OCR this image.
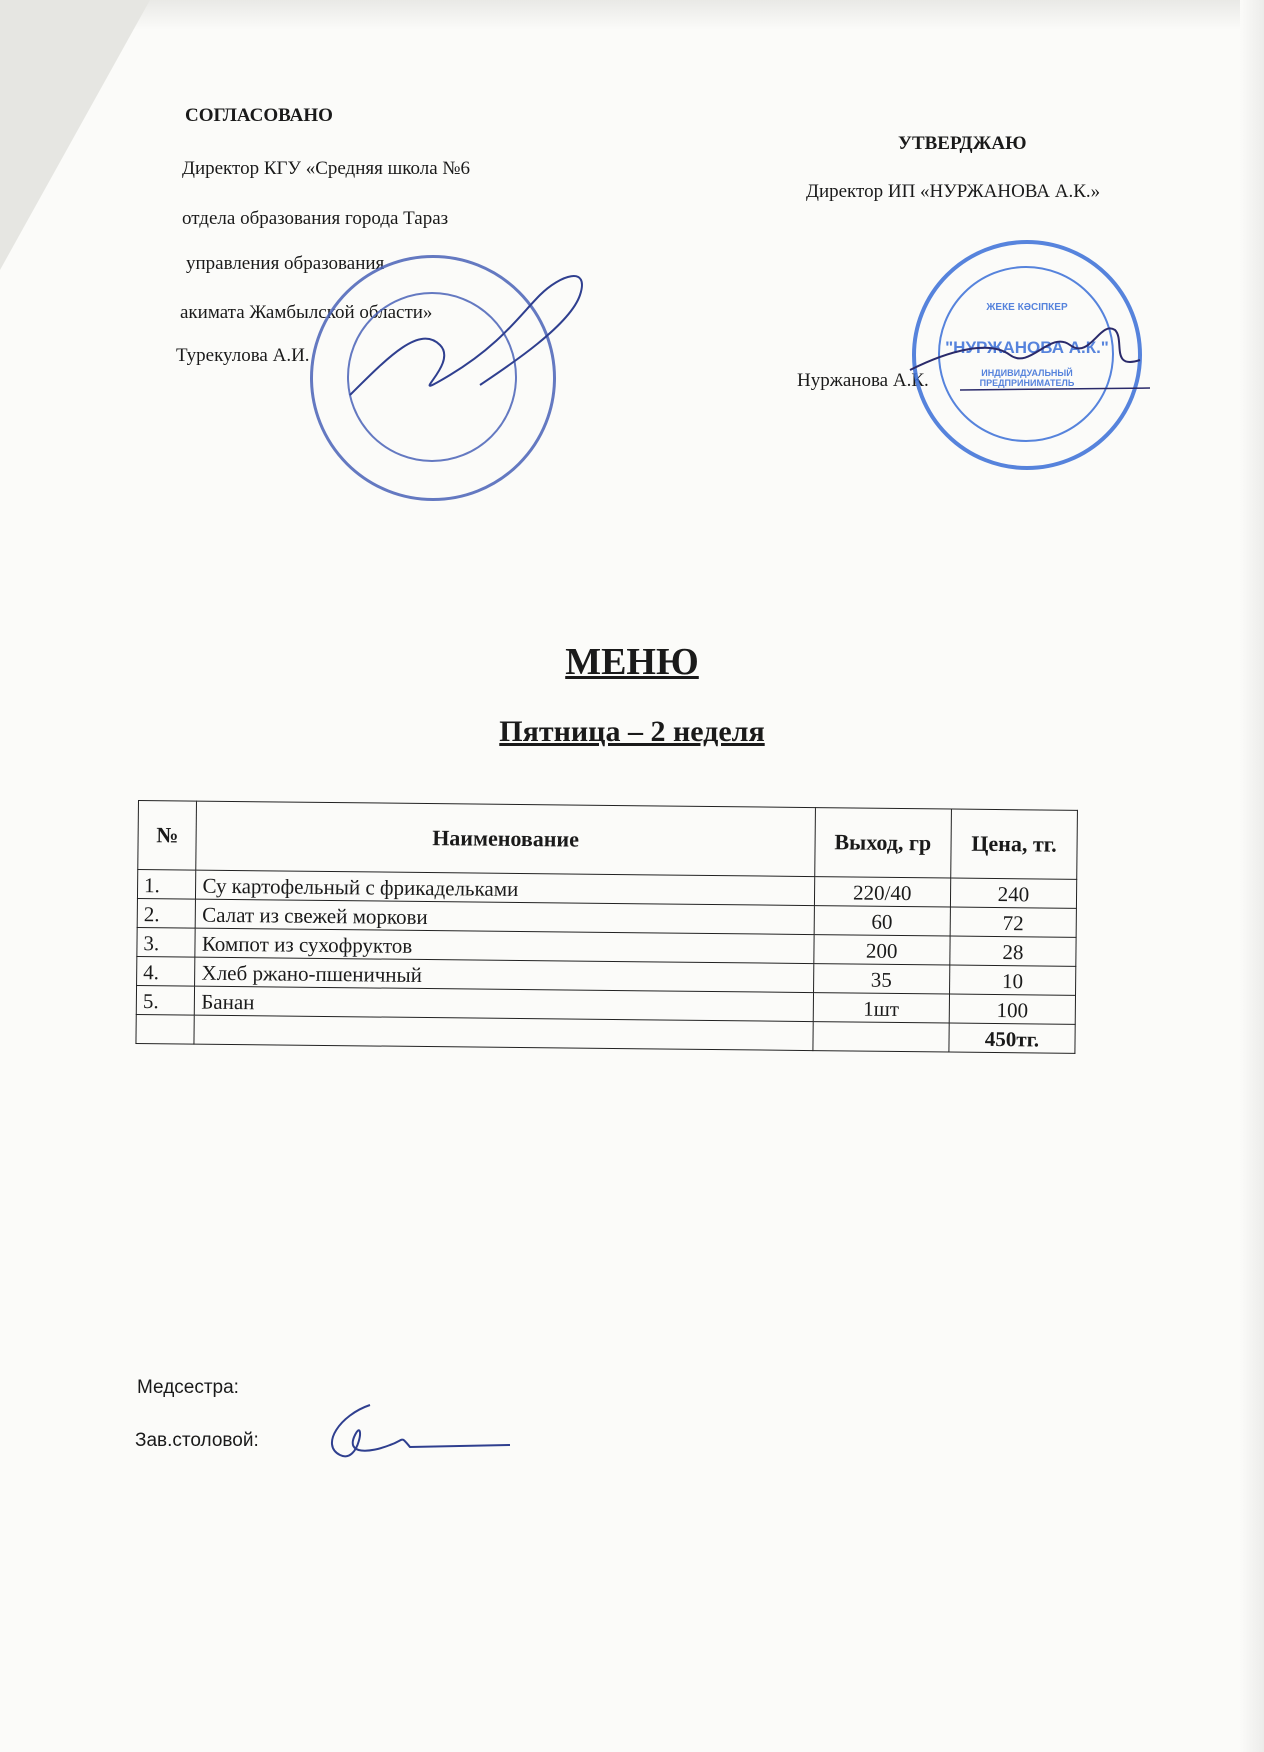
СОГЛАСОВАНО
Директор КГУ «Средняя школа №6
отдела образования города Тараз
управления образования
акимата Жамбылской области»
Турекулова А.И.
УТВЕРДЖАЮ
Директор ИП «НУРЖАНОВА А.К.»
Нуржанова А.К.
ЖЕКЕ КӘСІПКЕР
"НУРЖАНОВА А.К."
ИНДИВИДУАЛЬНЫЙ ПРЕДПРИНИМАТЕЛЬ
МЕНЮ
Пятница – 2 неделя
№	Наименование	Выход, гр	Цена, тг.

1.	Су картофельный с фрикадельками	220/40	240
2.	Салат из свежей моркови	60	72
3.	Компот из сухофруктов	200	28
4.	Хлеб ржано-пшеничный	35	10
5.	Банан	1шт	100
			450тг.
Медсестра:
Зав.столовой:
